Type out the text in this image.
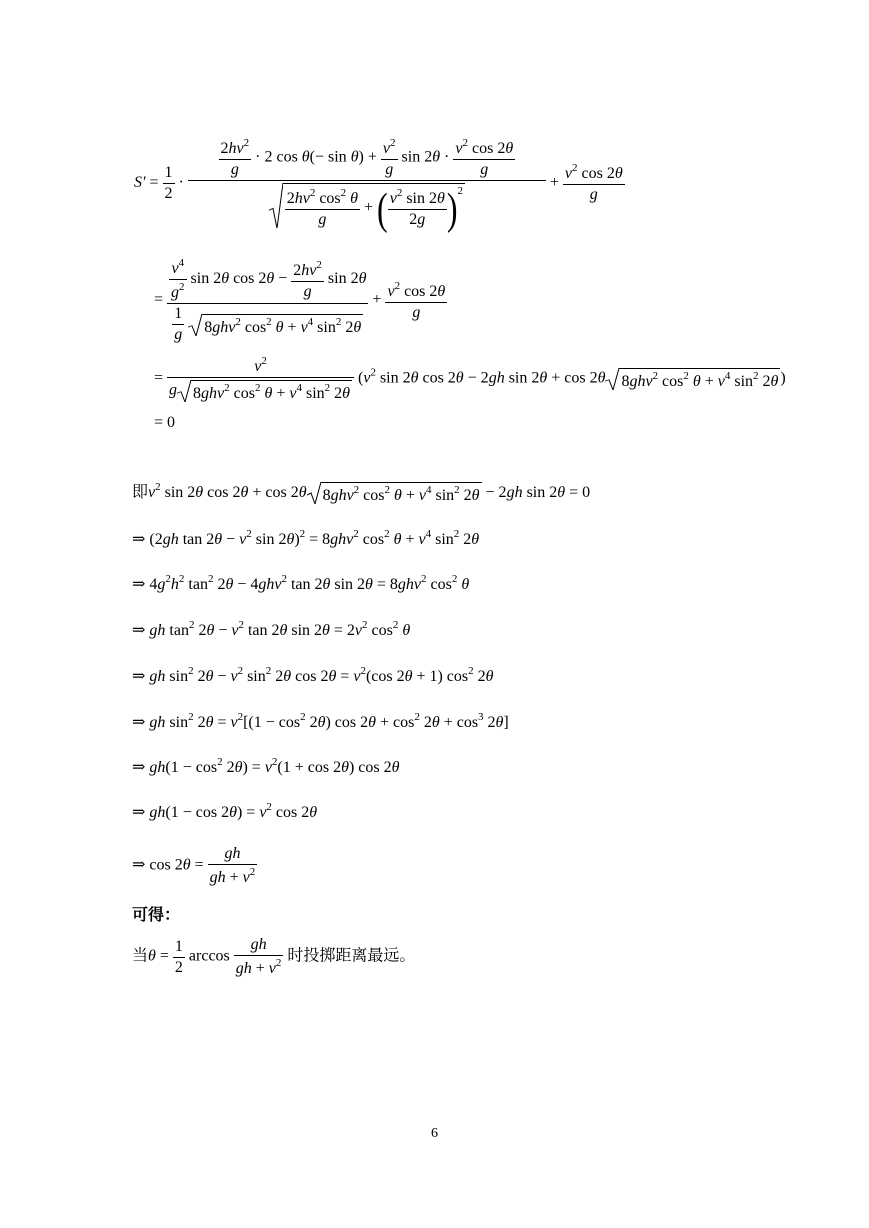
$S' = \frac{1}{2}$ ·
$\frac{2hv^2}{g} \cdot 2$ $\cos \theta(- \sin \theta) + \frac{v^2}{g}$ $\sin 2\theta \cdot \frac{v^2 \cos 2\theta}{g}$
$\frac{2hv^2 \cos^2 \theta}{g}$ + ( $\frac{v^2 \sin 2\theta}{2g} )^2$
+ $\frac{v^2 \cos 2\theta}{g}$
= $\frac{v^4}{g^2}$ sin 2θ $\cos 2\theta - \frac{2hv^2}{g}$ sin 2θ
$\frac{1}{g}$
8ghv$^2$ $\cos^2 \theta + v^4$ $\sin^2 2\theta + \frac{v^2 \cos 2\theta}{g}$
= $\frac{v^2}{g 8ghv^2 \cos^2 \theta + v^4 \sin^2 2\theta} (v^2$ sin 2θ cos 2θ − 2gh sin 2θ + cos 2θ 8ghv$^2$ $\cos^2 \theta + v^4$ $\sin^2 2\theta$ )
= 0
即$v^2$ sin 2θ cos 2θ + cos 2θ 8ghv$^2$ $\cos^2 \theta + v^4$ $\sin^2 2\theta - 2gh$ sin 2θ = 0
⇒ (2gh $\tan 2\theta - v^2$ sin 2θ)$^2$ = 8ghv$^2$ $\cos^2 \theta + v^4$ $\sin^2 2\theta$
⇒ $4g^2h^2$ $\tan^2 2\theta - 4ghv^2$ tan 2θ sin 2θ = 8ghv$^2$ $\cos^2 \theta$
⇒ gh $\tan^2 2\theta - v^2$ tan 2θ $\sin 2\theta = 2v^2$ $\cos^2 \theta$
⇒ gh $\sin^2 2\theta - v^2$ $\sin^2 2\theta$ $\cos 2\theta = v^2(\cos$ 2θ + 1) $\cos^2 2\theta$
⇒ gh $\sin^2 2\theta = v^2[(1 - \cos^2 2\theta)$ $\cos 2\theta + \cos^2 2\theta + \cos^3 2\theta$]
⇒ $gh(1 - \cos^2 2\theta) = v^2(1 + \cos 2\theta)$ cos 2θ
⇒ $gh(1 - \cos 2\theta) = v^2$ cos 2θ
⇒ $\cos 2\theta = \frac{gh}{gh + v^2}$
可得：
当$\theta = \frac{1}{2}$ $\arccos \frac{gh}{gh + v^2}$ 时投掷距离最远。
6
